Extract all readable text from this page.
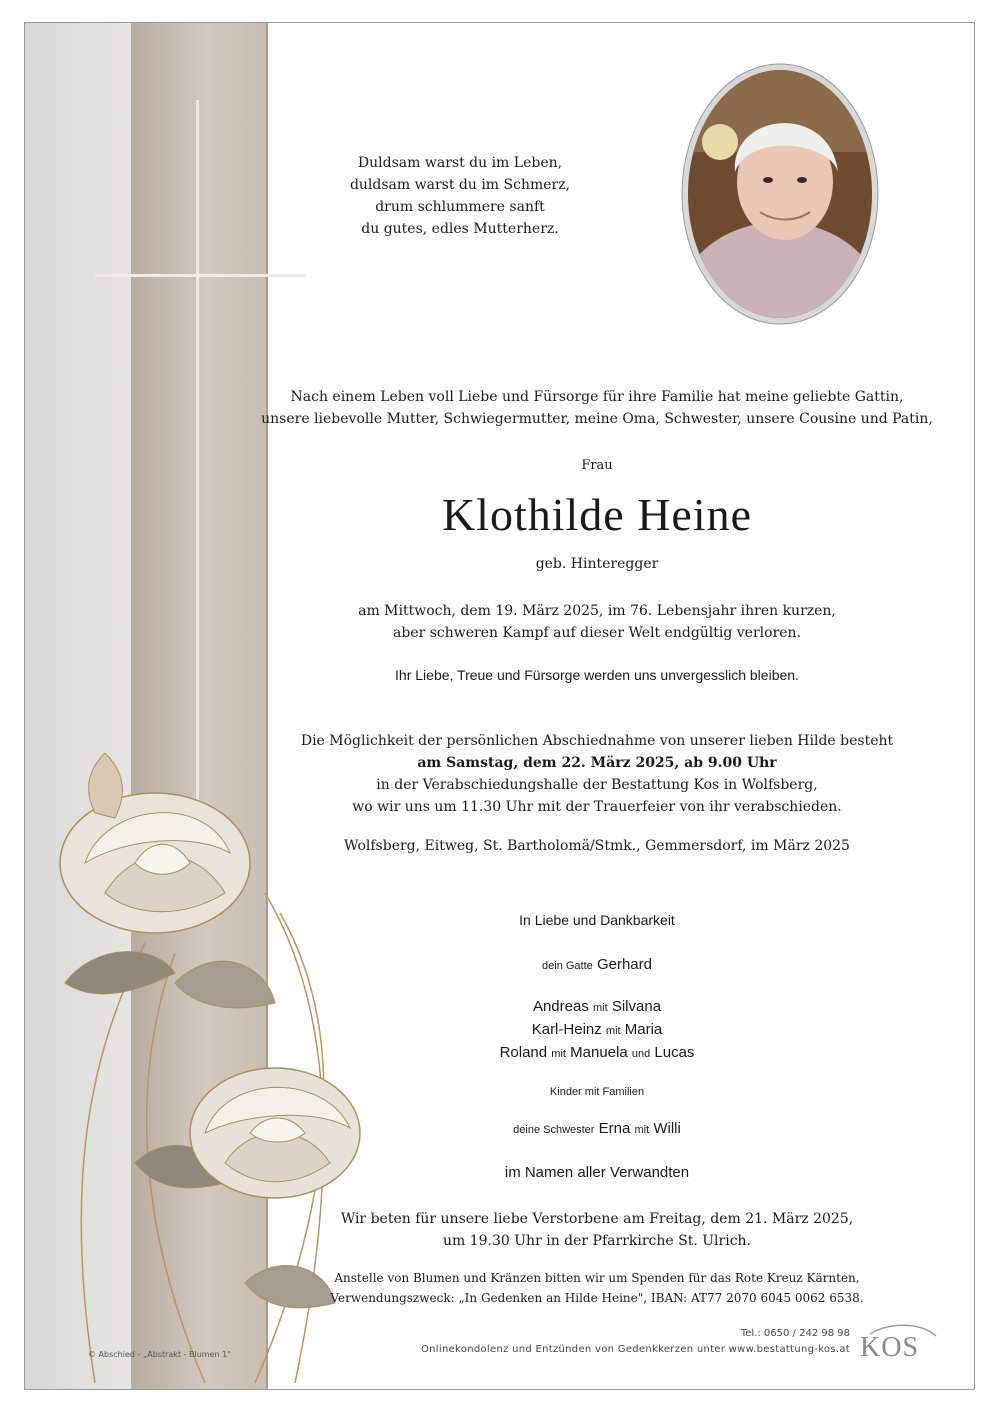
© Abschied - „Abstrakt - Blumen 1"
Duldsam warst du im Leben,
duldsam warst du im Schmerz,
drum schlummere sanft
du gutes, edles Mutterherz.
Nach einem Leben voll Liebe und Fürsorge für ihre Familie hat meine geliebte Gattin,
unsere liebevolle Mutter, Schwiegermutter, meine Oma, Schwester, unsere Cousine und Patin,
Frau
Klothilde Heine
geb. Hinteregger
am Mittwoch, dem 19. März 2025, im 76. Lebensjahr ihren kurzen,
aber schweren Kampf auf dieser Welt endgültig verloren.
Ihr Liebe, Treue und Fürsorge werden uns unvergesslich bleiben.
Die Möglichkeit der persönlichen Abschiednahme von unserer lieben Hilde besteht
am Samstag, dem 22. März 2025, ab 9.00 Uhr
in der Verabschiedungshalle der Bestattung Kos in Wolfsberg,
wo wir uns um 11.30 Uhr mit der Trauerfeier von ihr verabschieden.
Wolfsberg, Eitweg, St. Bartholomä/Stmk., Gemmersdorf, im März 2025
In Liebe und Dankbarkeit
dein Gatte Gerhard
Andreas mit Silvana
Karl-Heinz mit Maria
Roland mit Manuela und Lucas
Kinder mit Familien
deine Schwester Erna mit Willi
im Namen aller Verwandten
Wir beten für unsere liebe Verstorbene am Freitag, dem 21. März 2025,
um 19.30 Uhr in der Pfarrkirche St. Ulrich.
Anstelle von Blumen und Kränzen bitten wir um Spenden für das Rote Kreuz Kärnten,
Verwendungszweck: „In Gedenken an Hilde Heine", IBAN: AT77 2070 6045 0062 6538.
Tel.: 0650 / 242 98 98
Onlinekondolenz und Entzünden von Gedenkkerzen unter www.bestattung-kos.at KOS
